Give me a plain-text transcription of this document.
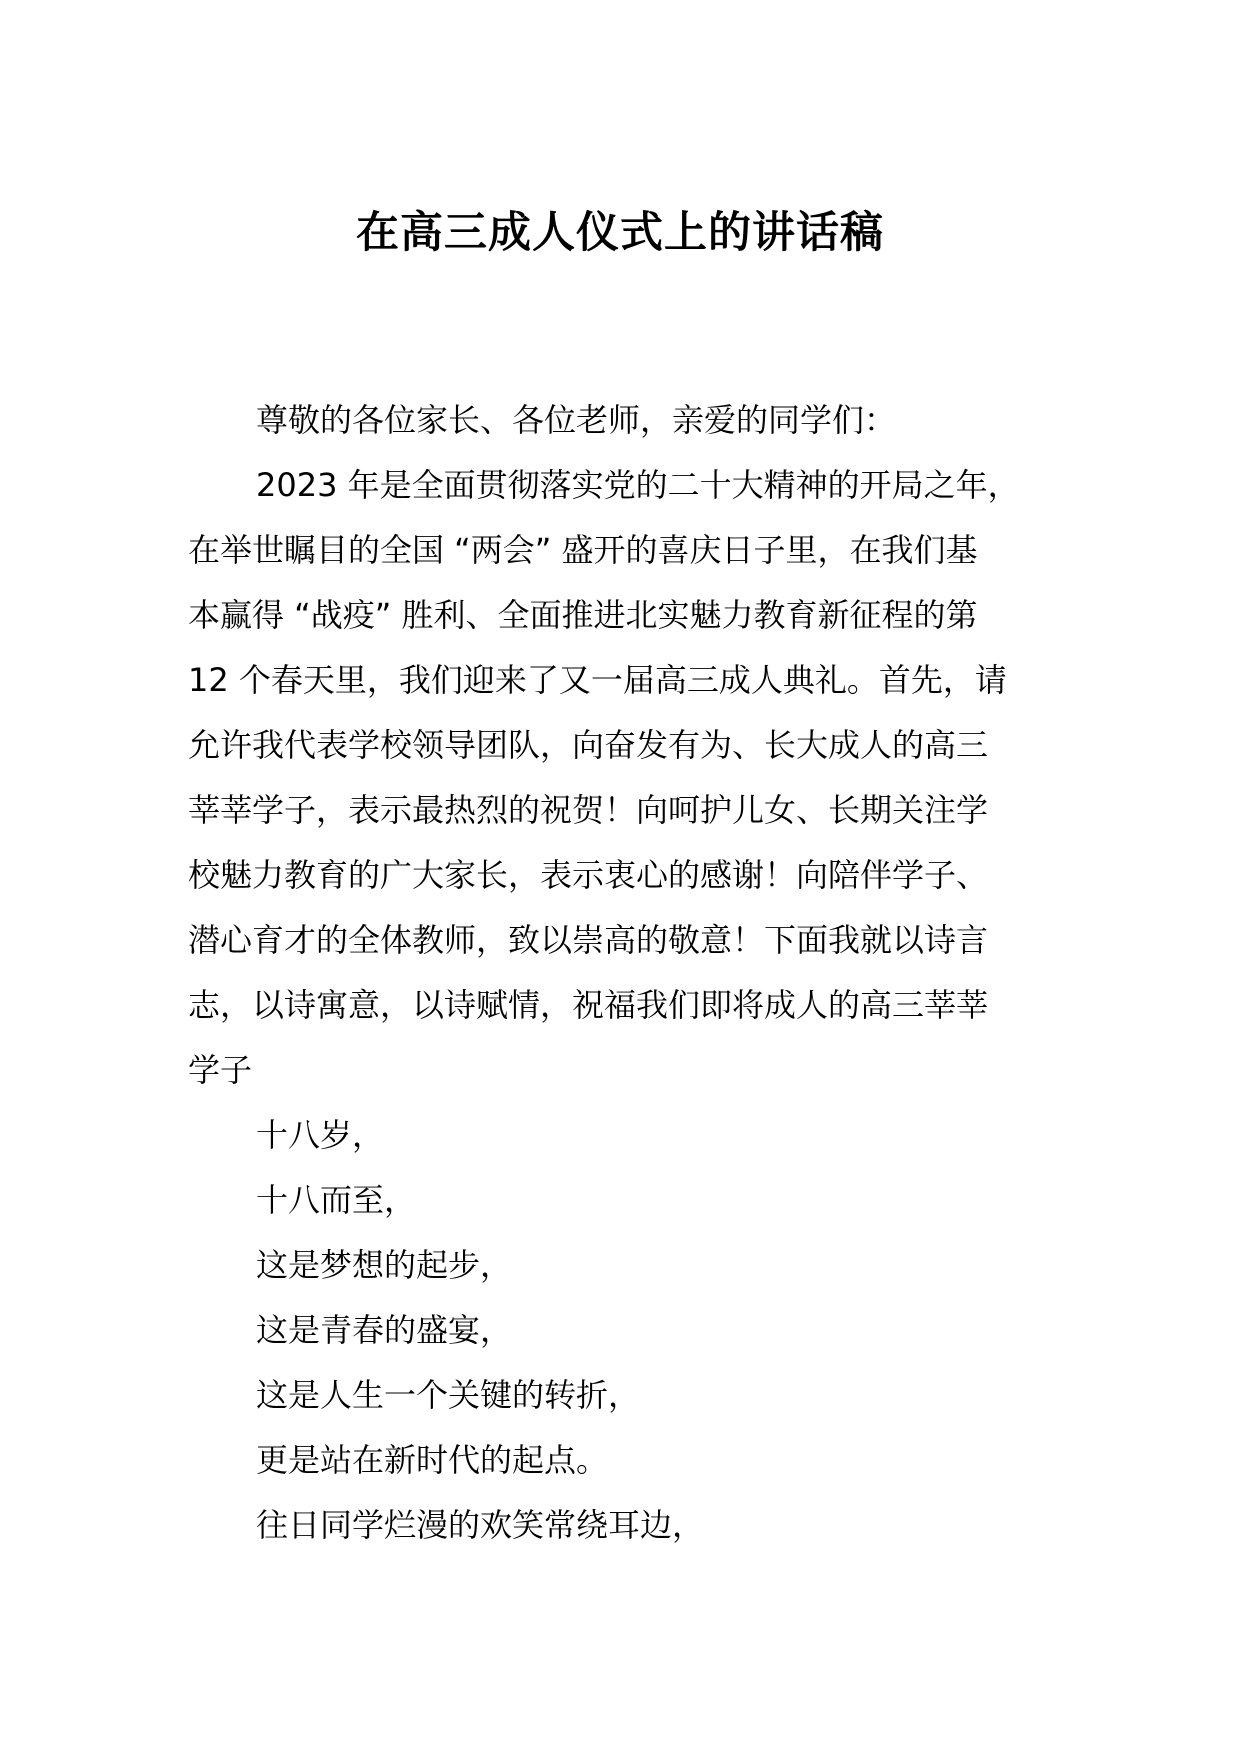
在高三成人仪式上的讲话稿

尊敬的各位家长、各位老师，亲爱的同学们：

2023 年是全面贯彻落实党的二十大精神的开局之年，
在举世瞩目的全国 “两会” 盛开的喜庆日子里，在我们基
本赢得 “战疫” 胜利、全面推进北实魅力教育新征程的第
12 个春天里，我们迎来了又一届高三成人典礼。首先，请
允许我代表学校领导团队，向奋发有为、长大成人的高三
莘莘学子，表示最热烈的祝贺！向呵护儿女、长期关注学
校魅力教育的广大家长，表示衷心的感谢！向陪伴学子、
潜心育才的全体教师，致以崇高的敬意！下面我就以诗言
志，以诗寓意，以诗赋情，祝福我们即将成人的高三莘莘
学子

十八岁，

十八而至，

这是梦想的起步，

这是青春的盛宴，

这是人生一个关键的转折，

更是站在新时代的起点。

往日同学烂漫的欢笑常绕耳边，
